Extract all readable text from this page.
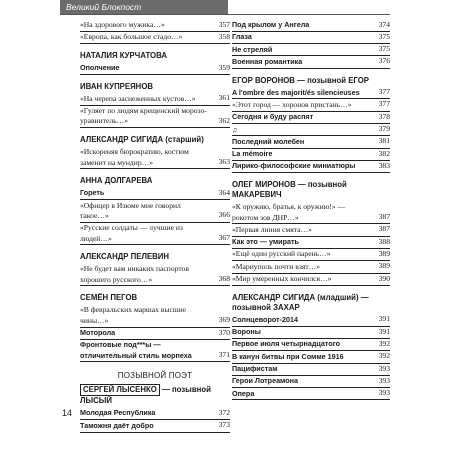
Великий Блокпост
«На здорового мужика…»	357
«Европа, как большое стадо…»	358
НАТАЛИЯ КУРЧАТОВА
Ополчение	359
ИВАН КУПРЕЯНОВ
«На черепа заснеженных кустов…»	361
«Гуляет по людям крещенский морозо-уравнитель…»	362
АЛЕКСАНДР СИГИДА (старший)
«Искореняя бюрократию, костюм заменит на мундир…»	363
АННА ДОЛГАРЕВА
Гореть	364
«Офицер в Изюме мне говорил такое…»	366
«Русские солдаты — лучшие из людей…»	367
АЛЕКСАНДР ПЕЛЕВИН
«Не будет вам никаких паспортов хорошего русского…»	368
СЕМЁН ПЕГОВ
«В февральских маршах высшие чины…»	369
Моторола	370
Фронтовые под***ы — отличительный стиль морпеха	371
ПОЗЫВНОЙ ПОЭТ
СЕРГЕЙ ЛЫСЕНКО — позывной ЛЫСЫЙ
Молодая Республика	372
Таможня даёт добро	373
Под крылом у Ангела	374
Глаза	375
Не стреляй	375
Военная романтика	376
ЕГОР ВОРОНОВ — позывной ЕГОР
A l'ombre des majorit/és silencieuses	377
«Этот город — хоронов пристань…»	377
Сегодня и буду распят	378
♫	379
Последний молебен	381
La mémoire	382
Лирико-философские миниатюры	383
ОЛЕГ МИРОНОВ — позывной МАКАРЕВИЧ
«К оружию, братья, к оружию!» — рокотом зов ДНР…»	387
«Первая линия смята…»	387
Как это — умирать	388
«Ещё один русский парень…»	389
«Мариуполь почти взят…»	389
«Мир умеренных кончился…»	390
АЛЕКСАНДР СИГИДА (младший) — позывной ЗАХАР
Солнцеворот-2014	391
Вороны	391
Первое июля четырнадцатого	392
В канун битвы при Сомме 1916	392
Пацифистам	393
Герои Лотреамона	393
Опера	393
14
